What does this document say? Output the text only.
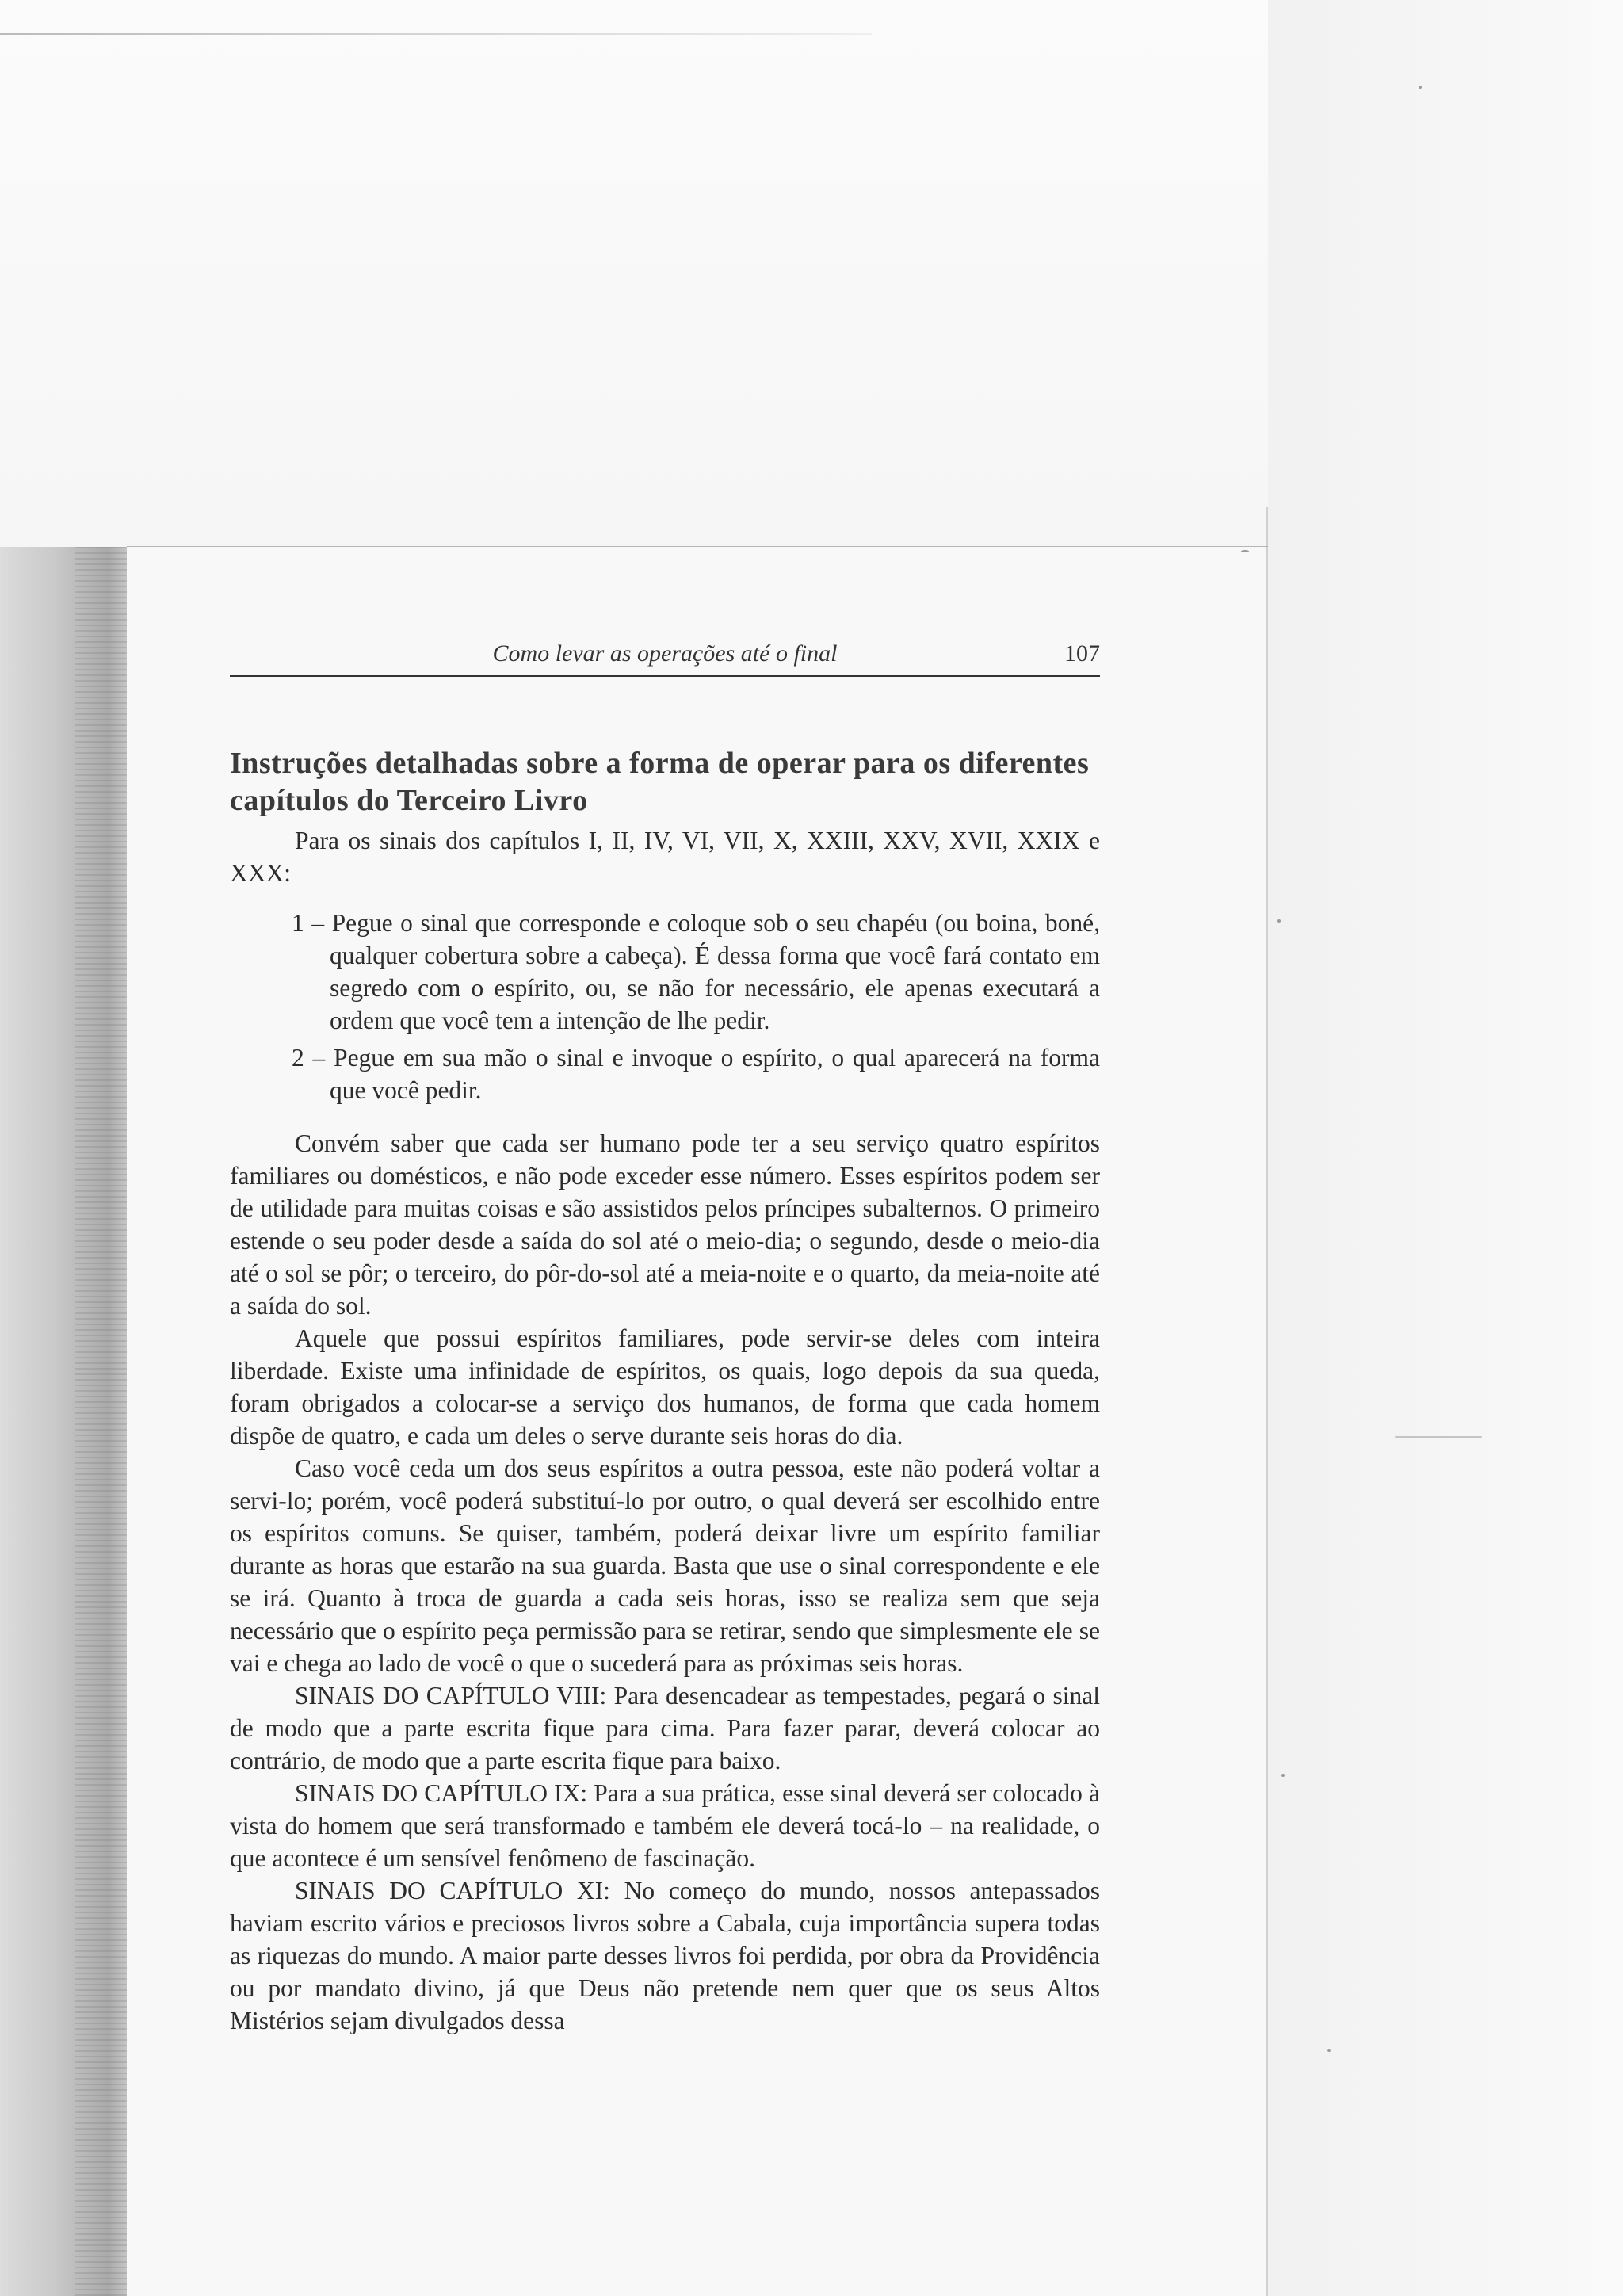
Como levar as operações até o final	107
Instruções detalhadas sobre a forma de operar para os diferentes capítulos do Terceiro Livro

Para os sinais dos capítulos I, II, IV, VI, VII, X, XXIII, XXV, XVII, XXIX e XXX:

1 – Pegue o sinal que corresponde e coloque sob o seu chapéu (ou boina, boné, qualquer cobertura sobre a cabeça). É dessa forma que você fará contato em segredo com o espírito, ou, se não for necessário, ele apenas executará a ordem que você tem a intenção de lhe pedir.
2 – Pegue em sua mão o sinal e invoque o espírito, o qual aparecerá na forma que você pedir.

Convém saber que cada ser humano pode ter a seu serviço quatro espíritos familiares ou domésticos, e não pode exceder esse número. Esses espíritos podem ser de utilidade para muitas coisas e são assistidos pelos príncipes subalternos. O primeiro estende o seu poder desde a saída do sol até o meio-dia; o segundo, desde o meio-dia até o sol se pôr; o terceiro, do pôr-do-sol até a meia-noite e o quarto, da meia-noite até a saída do sol.

Aquele que possui espíritos familiares, pode servir-se deles com inteira liberdade. Existe uma infinidade de espíritos, os quais, logo depois da sua queda, foram obrigados a colocar-se a serviço dos humanos, de forma que cada homem dispõe de quatro, e cada um deles o serve durante seis horas do dia.

Caso você ceda um dos seus espíritos a outra pessoa, este não poderá voltar a servi-lo; porém, você poderá substituí-lo por outro, o qual deverá ser escolhido entre os espíritos comuns. Se quiser, também, poderá deixar livre um espírito familiar durante as horas que estarão na sua guarda. Basta que use o sinal correspondente e ele se irá. Quanto à troca de guarda a cada seis horas, isso se realiza sem que seja necessário que o espírito peça permissão para se retirar, sendo que simplesmente ele se vai e chega ao lado de você o que o sucederá para as próximas seis horas.

SINAIS DO CAPÍTULO VIII: Para desencadear as tempestades, pegará o sinal de modo que a parte escrita fique para cima. Para fazer parar, deverá colocar ao contrário, de modo que a parte escrita fique para baixo.

SINAIS DO CAPÍTULO IX: Para a sua prática, esse sinal deverá ser colocado à vista do homem que será transformado e também ele deverá tocá-lo – na realidade, o que acontece é um sensível fenômeno de fascinação.

SINAIS DO CAPÍTULO XI: No começo do mundo, nossos antepassados haviam escrito vários e preciosos livros sobre a Cabala, cuja importância supera todas as riquezas do mundo. A maior parte desses livros foi perdida, por obra da Providência ou por mandato divino, já que Deus não pretende nem quer que os seus Altos Mistérios sejam divulgados dessa
